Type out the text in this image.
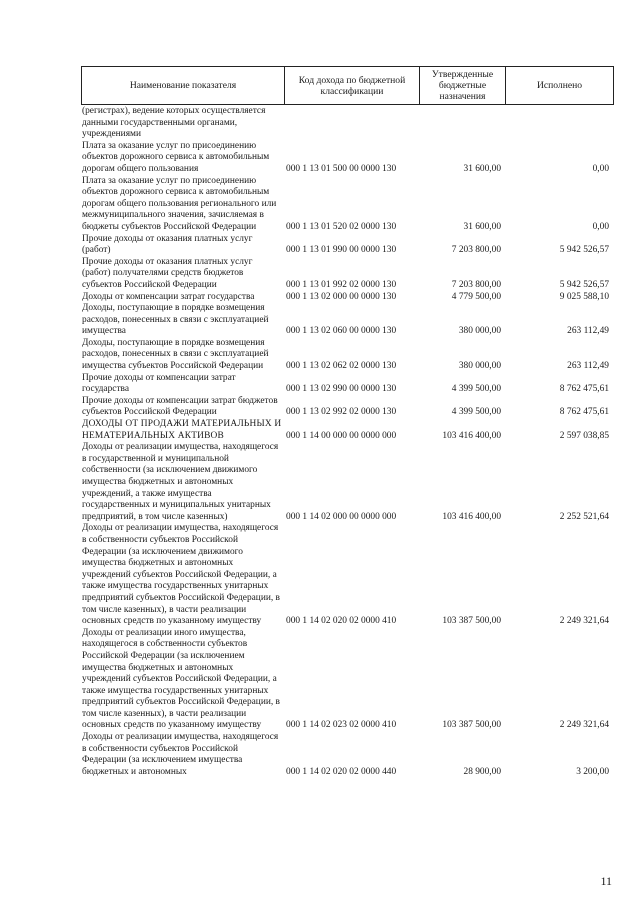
Наименование показателя	Код дохода по бюджетной классификации	Утвержденные бюджетные назначения	Исполнено
(регистрах), ведение которых осуществляется данными государственными органами, учреждениями
Плата за оказание услуг по присоединению объектов дорожного сервиса к автомобильным дорогам общего пользования	000 1 13 01 500 00 0000 130	31 600,00	0,00
Плата за оказание услуг по присоединению объектов дорожного сервиса к автомобильным дорогам общего пользования регионального или межмуниципального значения, зачисляемая в бюджеты субъектов Российской Федерации	000 1 13 01 520 02 0000 130	31 600,00	0,00
Прочие доходы от оказания платных услуг (работ)	000 1 13 01 990 00 0000 130	7 203 800,00	5 942 526,57
Прочие доходы от оказания платных услуг (работ) получателями средств бюджетов субъектов Российской Федерации	000 1 13 01 992 02 0000 130	7 203 800,00	5 942 526,57
Доходы от компенсации затрат государства	000 1 13 02 000 00 0000 130	4 779 500,00	9 025 588,10
Доходы, поступающие в порядке возмещения расходов, понесенных в связи с эксплуатацией имущества	000 1 13 02 060 00 0000 130	380 000,00	263 112,49
Доходы, поступающие в порядке возмещения расходов, понесенных в связи с эксплуатацией имущества субъектов Российской Федерации	000 1 13 02 062 02 0000 130	380 000,00	263 112,49
Прочие доходы от компенсации затрат государства	000 1 13 02 990 00 0000 130	4 399 500,00	8 762 475,61
Прочие доходы от компенсации затрат бюджетов субъектов Российской Федерации	000 1 13 02 992 02 0000 130	4 399 500,00	8 762 475,61
ДОХОДЫ ОТ ПРОДАЖИ МАТЕРИАЛЬНЫХ И НЕМАТЕРИАЛЬНЫХ АКТИВОВ	000 1 14 00 000 00 0000 000	103 416 400,00	2 597 038,85
Доходы от реализации имущества, находящегося в государственной и муниципальной собственности (за исключением движимого имущества бюджетных и автономных учреждений, а также имущества государственных и муниципальных унитарных предприятий, в том числе казенных)	000 1 14 02 000 00 0000 000	103 416 400,00	2 252 521,64
Доходы от реализации имущества, находящегося в собственности субъектов Российской Федерации (за исключением движимого имущества бюджетных и автономных учреждений субъектов Российской Федерации, а также имущества государственных унитарных предприятий субъектов Российской Федерации, в том числе казенных), в части реализации основных средств по указанному имуществу	000 1 14 02 020 02 0000 410	103 387 500,00	2 249 321,64
Доходы от реализации иного имущества, находящегося в собственности субъектов Российской Федерации (за исключением имущества бюджетных и автономных учреждений субъектов Российской Федерации, а также имущества государственных унитарных предприятий субъектов Российской Федерации, в том числе казенных), в части реализации основных средств по указанному имуществу	000 1 14 02 023 02 0000 410	103 387 500,00	2 249 321,64
Доходы от реализации имущества, находящегося в собственности субъектов Российской Федерации (за исключением имущества бюджетных и автономных	000 1 14 02 020 02 0000 440	28 900,00	3 200,00
11
